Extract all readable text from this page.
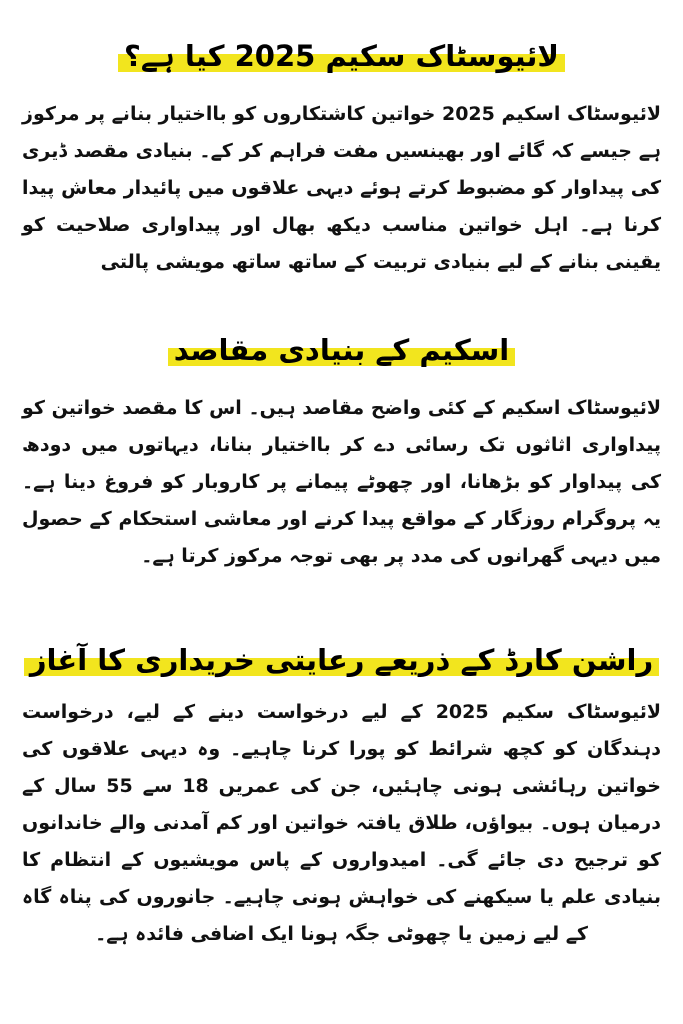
لائیوسٹاک سکیم 2025 کیا ہے؟

لائیوسٹاک اسکیم 2025 خواتین کاشتکاروں کو بااختیار بنانے پر مرکوز ہے جیسے کہ گائے اور بھینسیں مفت فراہم کر کے۔ بنیادی مقصد ڈیری کی پیداوار کو مضبوط کرتے ہوئے دیہی علاقوں میں پائیدار معاش پیدا کرنا ہے۔ اہل خواتین مناسب دیکھ بھال اور پیداواری صلاحیت کو یقینی بنانے کے لیے بنیادی تربیت کے ساتھ ساتھ مویشی پالتی

اسکیم کے بنیادی مقاصد

لائیوسٹاک اسکیم کے کئی واضح مقاصد ہیں۔ اس کا مقصد خواتین کو پیداواری اثاثوں تک رسائی دے کر بااختیار بنانا، دیہاتوں میں دودھ کی پیداوار کو بڑھانا، اور چھوٹے پیمانے پر کاروبار کو فروغ دینا ہے۔ یہ پروگرام روزگار کے مواقع پیدا کرنے اور معاشی استحکام کے حصول میں دیہی گھرانوں کی مدد پر بھی توجہ مرکوز کرتا ہے۔

راشن کارڈ کے ذریعے رعایتی خریداری کا آغاز

لائیوسٹاک سکیم 2025 کے لیے درخواست دینے کے لیے، درخواست دہندگان کو کچھ شرائط کو پورا کرنا چاہیے۔ وہ دیہی علاقوں کی خواتین رہائشی ہونی چاہئیں، جن کی عمریں 18 سے 55 سال کے درمیان ہوں۔ بیواؤں، طلاق یافتہ خواتین اور کم آمدنی والے خاندانوں کو ترجیح دی جائے گی۔ امیدواروں کے پاس مویشیوں کے انتظام کا بنیادی علم یا سیکھنے کی خواہش ہونی چاہیے۔ جانوروں کی پناہ گاہ کے لیے زمین یا چھوٹی جگہ ہونا ایک اضافی فائدہ ہے۔
